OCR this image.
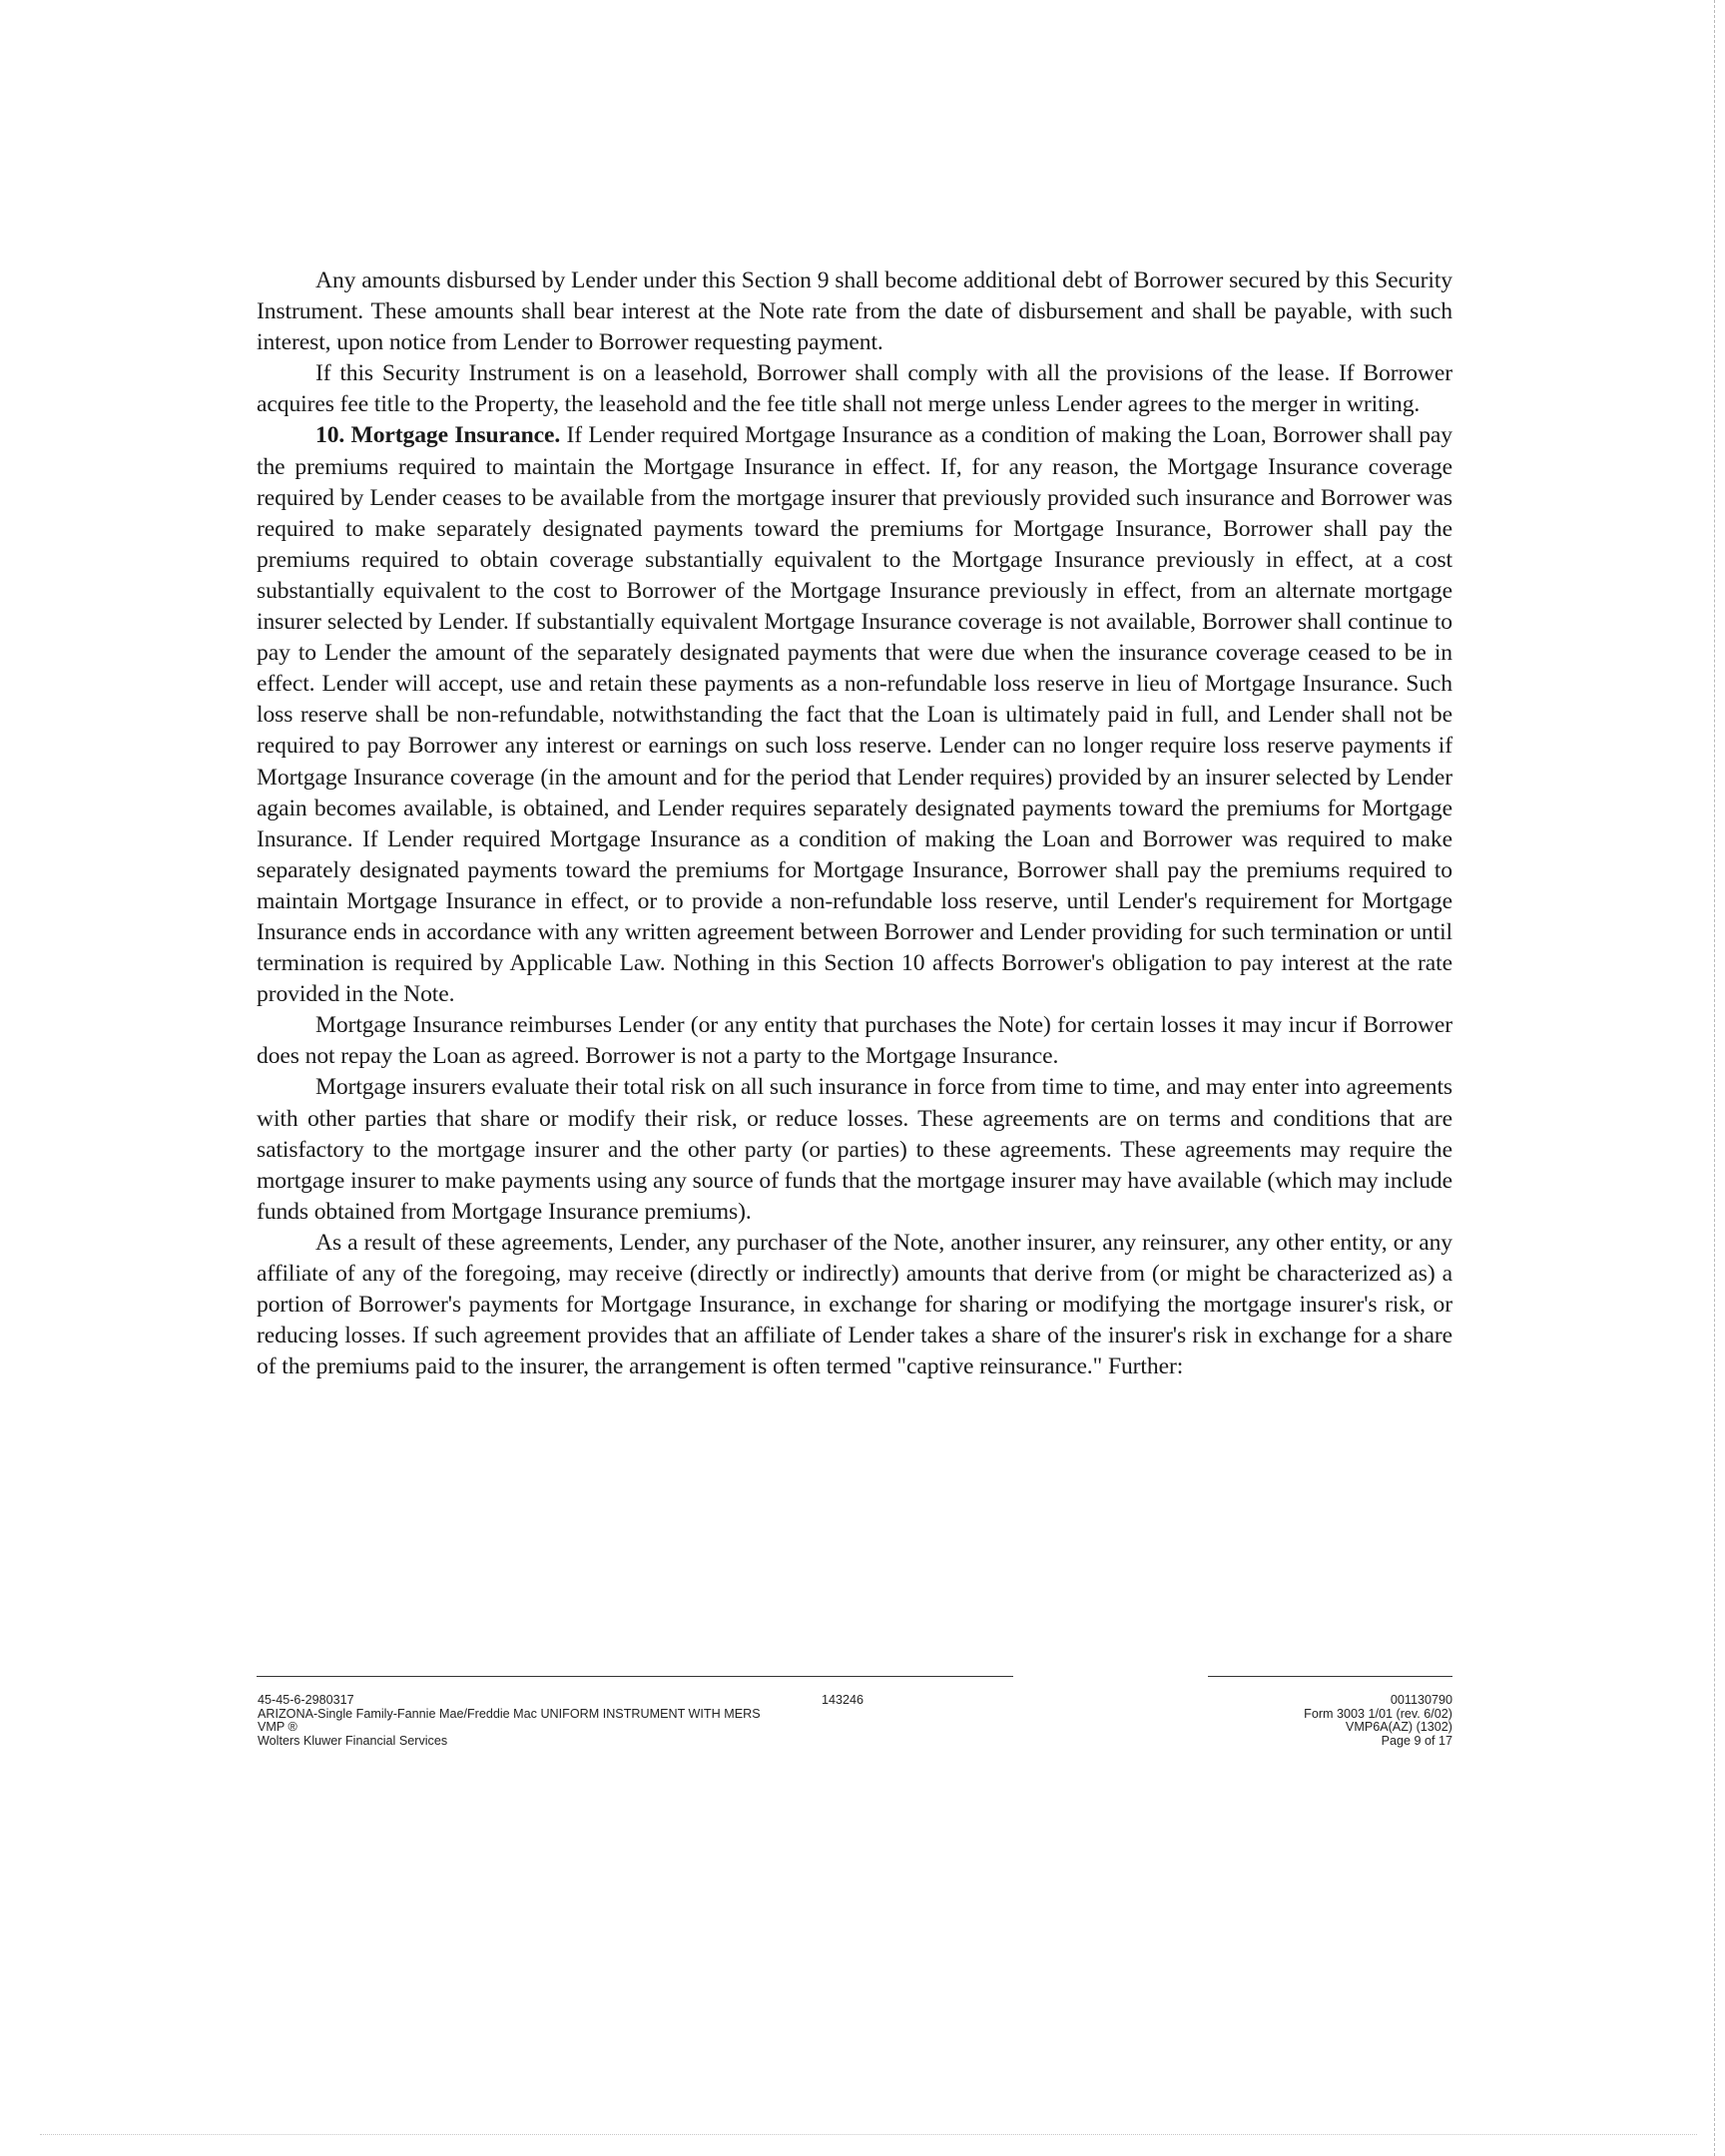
Any amounts disbursed by Lender under this Section 9 shall become additional debt of Borrower secured by this Security Instrument. These amounts shall bear interest at the Note rate from the date of disbursement and shall be payable, with such interest, upon notice from Lender to Borrower requesting payment.

If this Security Instrument is on a leasehold, Borrower shall comply with all the provisions of the lease. If Borrower acquires fee title to the Property, the leasehold and the fee title shall not merge unless Lender agrees to the merger in writing.

10. Mortgage Insurance. If Lender required Mortgage Insurance as a condition of making the Loan, Borrower shall pay the premiums required to maintain the Mortgage Insurance in effect. If, for any reason, the Mortgage Insurance coverage required by Lender ceases to be available from the mortgage insurer that previously provided such insurance and Borrower was required to make separately designated payments toward the premiums for Mortgage Insurance, Borrower shall pay the premiums required to obtain coverage substantially equivalent to the Mortgage Insurance previously in effect, at a cost substantially equivalent to the cost to Borrower of the Mortgage Insurance previously in effect, from an alternate mortgage insurer selected by Lender. If substantially equivalent Mortgage Insurance coverage is not available, Borrower shall continue to pay to Lender the amount of the separately designated payments that were due when the insurance coverage ceased to be in effect. Lender will accept, use and retain these payments as a non-refundable loss reserve in lieu of Mortgage Insurance. Such loss reserve shall be non-refundable, notwithstanding the fact that the Loan is ultimately paid in full, and Lender shall not be required to pay Borrower any interest or earnings on such loss reserve. Lender can no longer require loss reserve payments if Mortgage Insurance coverage (in the amount and for the period that Lender requires) provided by an insurer selected by Lender again becomes available, is obtained, and Lender requires separately designated payments toward the premiums for Mortgage Insurance. If Lender required Mortgage Insurance as a condition of making the Loan and Borrower was required to make separately designated payments toward the premiums for Mortgage Insurance, Borrower shall pay the premiums required to maintain Mortgage Insurance in effect, or to provide a non-refundable loss reserve, until Lender's requirement for Mortgage Insurance ends in accordance with any written agreement between Borrower and Lender providing for such termination or until termination is required by Applicable Law. Nothing in this Section 10 affects Borrower's obligation to pay interest at the rate provided in the Note.

Mortgage Insurance reimburses Lender (or any entity that purchases the Note) for certain losses it may incur if Borrower does not repay the Loan as agreed. Borrower is not a party to the Mortgage Insurance.

Mortgage insurers evaluate their total risk on all such insurance in force from time to time, and may enter into agreements with other parties that share or modify their risk, or reduce losses. These agreements are on terms and conditions that are satisfactory to the mortgage insurer and the other party (or parties) to these agreements. These agreements may require the mortgage insurer to make payments using any source of funds that the mortgage insurer may have available (which may include funds obtained from Mortgage Insurance premiums).

As a result of these agreements, Lender, any purchaser of the Note, another insurer, any reinsurer, any other entity, or any affiliate of any of the foregoing, may receive (directly or indirectly) amounts that derive from (or might be characterized as) a portion of Borrower's payments for Mortgage Insurance, in exchange for sharing or modifying the mortgage insurer's risk, or reducing losses. If such agreement provides that an affiliate of Lender takes a share of the insurer's risk in exchange for a share of the premiums paid to the insurer, the arrangement is often termed "captive reinsurance." Further:

45-45-6-2980317	143246
ARIZONA-Single Family-Fannie Mae/Freddie Mac UNIFORM INSTRUMENT WITH MERS
VMP ®
Wolters Kluwer Financial Services
001130790
Form 3003 1/01 (rev. 6/02)
VMP6A(AZ) (1302)
Page 9 of 17
